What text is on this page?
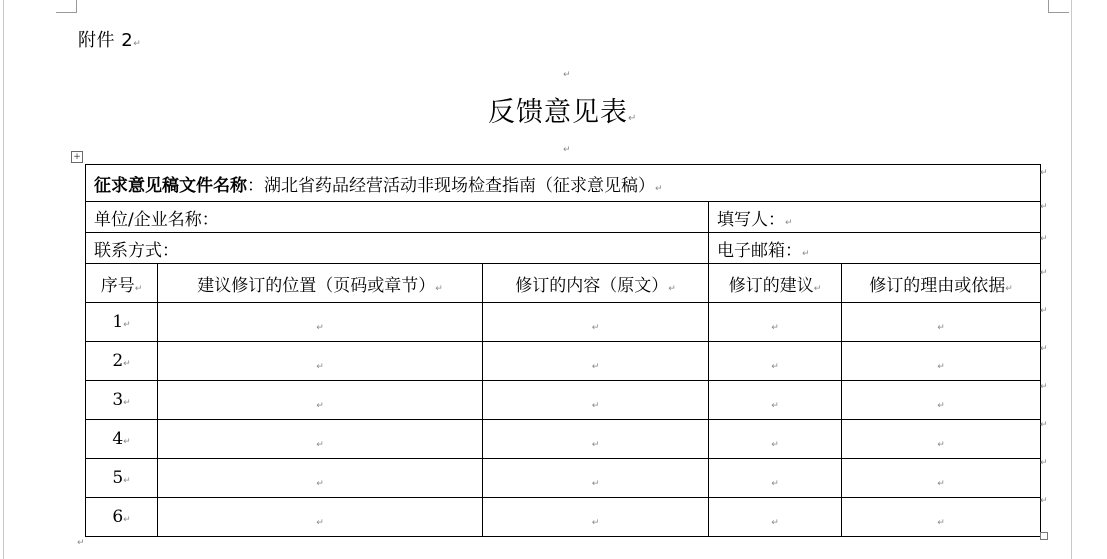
附件 2↵
↵
反馈意见表↵
↵
+
征求意见稿文件名称：湖北省药品经营活动非现场检查指南（征求意见稿）↵				
单位/企业名称：			填写人：↵	
联系方式：			电子邮箱：↵	
序号↵	建议修订的位置（页码或章节）↵	修订的内容（原文）↵	修订的建议↵	修订的理由或依据↵
1↵	↵	↵	↵	↵
2↵	↵	↵	↵	↵
3↵	↵	↵	↵	↵
4↵	↵	↵	↵	↵
5↵	↵	↵	↵	↵
6↵	↵	↵	↵	↵
↵
↵
↵
↵
↵
↵
↵
↵
↵
↵
↵
